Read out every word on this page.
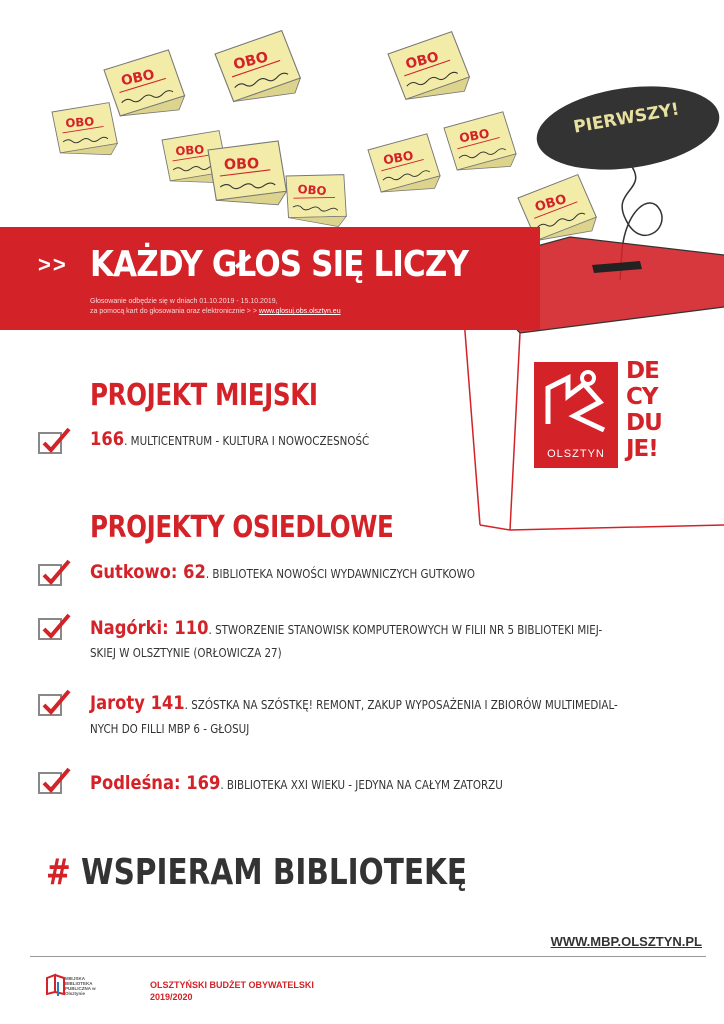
OBO
PIERWSZY!
OLSZTYN
DE
CY
DU
JE!
>> KAŻDY GŁOS SIĘ LICZY
Głosowanie odbędzie się w dniach 01.10.2019 - 15.10.2019,
za pomocą kart do głosowania oraz elektronicznie > > www.glosuj.obs.olsztyn.eu
PROJEKT MIEJSKI
166. MULTICENTRUM - KULTURA I NOWOCZESNOŚĆ
PROJEKTY OSIEDLOWE
Gutkowo: 62. BIBLIOTEKA NOWOŚCI WYDAWNICZYCH GUTKOWO
Nagórki: 110. STWORZENIE STANOWISK KOMPUTEROWYCH W FILII NR 5 BIBLIOTEKI MIEJ-
SKIEJ W OLSZTYNIE (ORŁOWICZA 27)
Jaroty 141. SZÓSTKA NA SZÓSTKĘ! REMONT, ZAKUP WYPOSAŻENIA I ZBIORÓW MULTIMEDIAL-
NYCH DO FILLI MBP 6 - GŁOSUJ
Podleśna: 169. BIBLIOTEKA XXI WIEKU - JEDYNA NA CAŁYM ZATORZU
# WSPIERAM BIBLIOTEKĘ
WWW.MBP.OLSZTYN.PL
MIEJSKA BIBLIOTEKA PUBLICZNA w Olsztynie
OLSZTYŃSKI BUDŻET OBYWATELSKI
2019/2020
